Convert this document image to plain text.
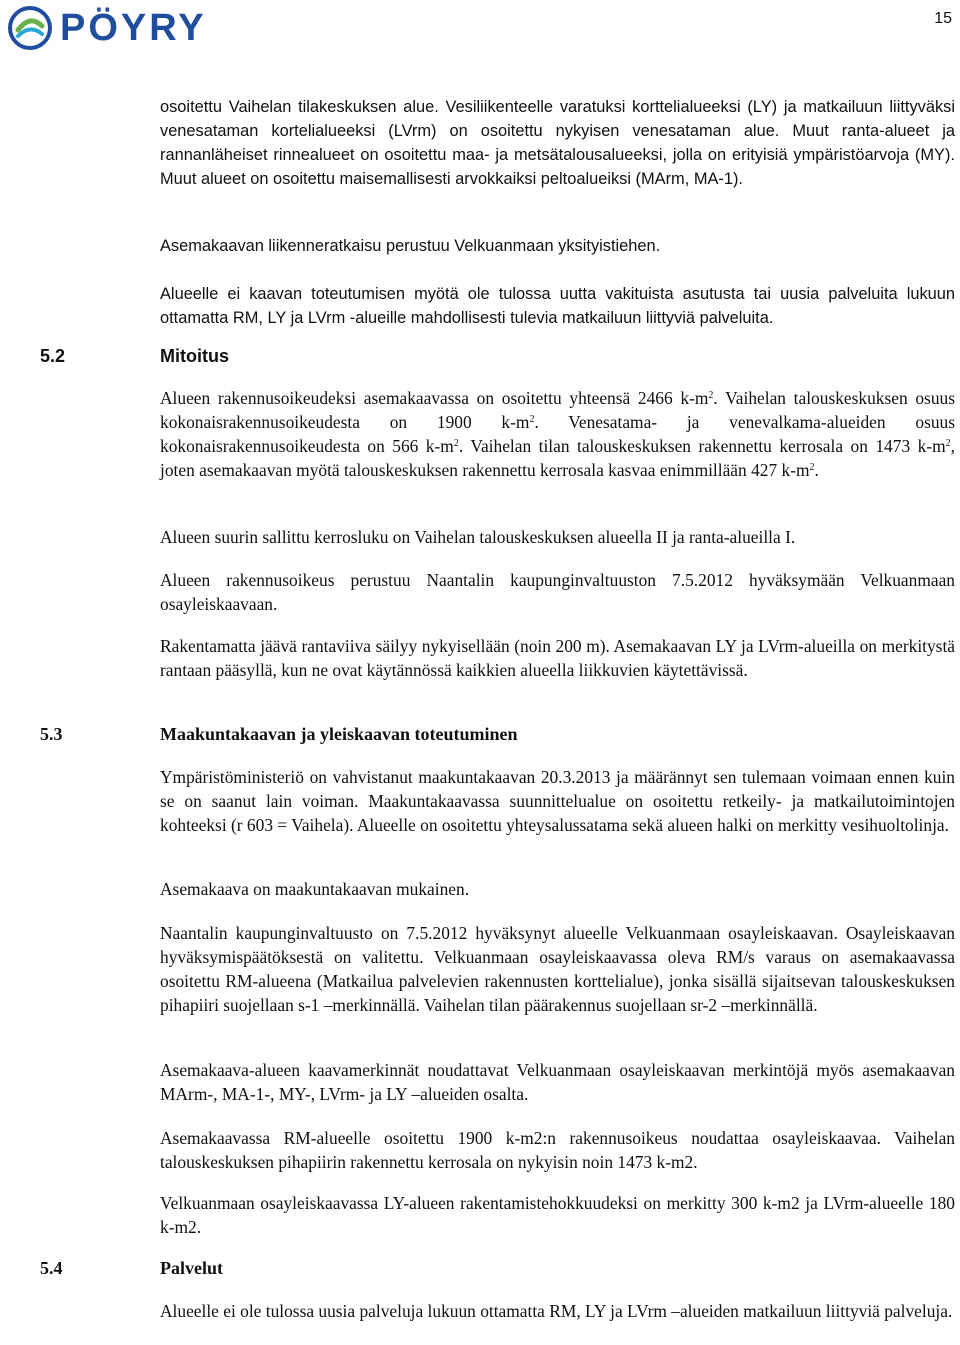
PÖYRY	15

osoitettu Vaihelan tilakeskuksen alue. Vesiliikenteelle varatuksi korttelialueeksi (LY) ja matkailuun liittyväksi venesataman kortelialueeksi (LVrm) on osoitettu nykyisen venesataman alue. Muut ranta-alueet ja rannanläheiset rinnealueet on osoitettu maa- ja metsätalousalueeksi, jolla on erityisiä ympäristöarvoja (MY). Muut alueet on osoitettu maisemallisesti arvokkaiksi peltoalueiksi (MArm, MA-1).

Asemakaavan liikenneratkaisu perustuu Velkuanmaan yksityistiehen.

Alueelle ei kaavan toteutumisen myötä ole tulossa uutta vakituista asutusta tai uusia palveluita lukuun ottamatta RM, LY ja LVrm -alueille mahdollisesti tulevia matkailuun liittyviä palveluita.

5.2	Mitoitus

Alueen rakennusoikeudeksi asemakaavassa on osoitettu yhteensä 2466 $k-m^2$. Vaihelan talouskeskuksen osuus kokonaisrakennusoikeudesta on 1900 $k-m^2$. Venesatama- ja venevalkama-alueiden osuus kokonaisrakennusoikeudesta on 566 $k-m^2$. Vaihelan tilan talouskeskuksen rakennettu kerrosala on 1473 $k-m^2$, joten asemakaavan myötä talouskeskuksen rakennettu kerrosala kasvaa enimmillään 427 $k-m^2$.

Alueen suurin sallittu kerrosluku on Vaihelan talouskeskuksen alueella II ja ranta-alueilla I.

Alueen rakennusoikeus perustuu Naantalin kaupunginvaltuuston 7.5.2012 hyväksymään Velkuanmaan osayleiskaavaan.

Rakentamatta jäävä rantaviiva säilyy nykyisellään (noin 200 m). Asemakaavan LY ja LVrm-alueilla on merkitystä rantaan pääsyllä, kun ne ovat käytännössä kaikkien alueella liikkuvien käytettävissä.

5.3	Maakuntakaavan ja yleiskaavan toteutuminen

Ympäristöministeriö on vahvistanut maakuntakaavan 20.3.2013 ja määrännyt sen tulemaan voimaan ennen kuin se on saanut lain voiman. Maakuntakaavassa suunnittelualue on osoitettu retkeily- ja matkailutoimintojen kohteeksi (r 603 = Vaihela). Alueelle on osoitettu yhteysalussatama sekä alueen halki on merkitty vesihuoltolinja.

Asemakaava on maakuntakaavan mukainen.

Naantalin kaupunginvaltuusto on 7.5.2012 hyväksynyt alueelle Velkuanmaan osayleiskaavan. Osayleiskaavan hyväksymispäätöksestä on valitettu. Velkuanmaan osayleiskaavassa oleva RM/s varaus on asemakaavassa osoitettu RM-alueena (Matkailua palvelevien rakennusten korttelialue), jonka sisällä sijaitsevan talouskeskuksen pihapiiri suojellaan s-1 –merkinnällä. Vaihelan tilan päärakennus suojellaan sr-2 –merkinnällä.

Asemakaava-alueen kaavamerkinnät noudattavat Velkuanmaan osayleiskaavan merkintöjä myös asemakaavan MArm-, MA-1-, MY-, LVrm- ja LY –alueiden osalta.

Asemakaavassa RM-alueelle osoitettu 1900 k-m2:n rakennusoikeus noudattaa osayleiskaavaa. Vaihelan talouskeskuksen pihapiirin rakennettu kerrosala on nykyisin noin 1473 k-m2.

Velkuanmaan osayleiskaavassa LY-alueen rakentamistehokkuudeksi on merkitty 300 k-m2 ja LVrm-alueelle 180 k-m2.

5.4	Palvelut

Alueelle ei ole tulossa uusia palveluja lukuun ottamatta RM, LY ja LVrm –alueiden matkailuun liittyviä palveluja.
